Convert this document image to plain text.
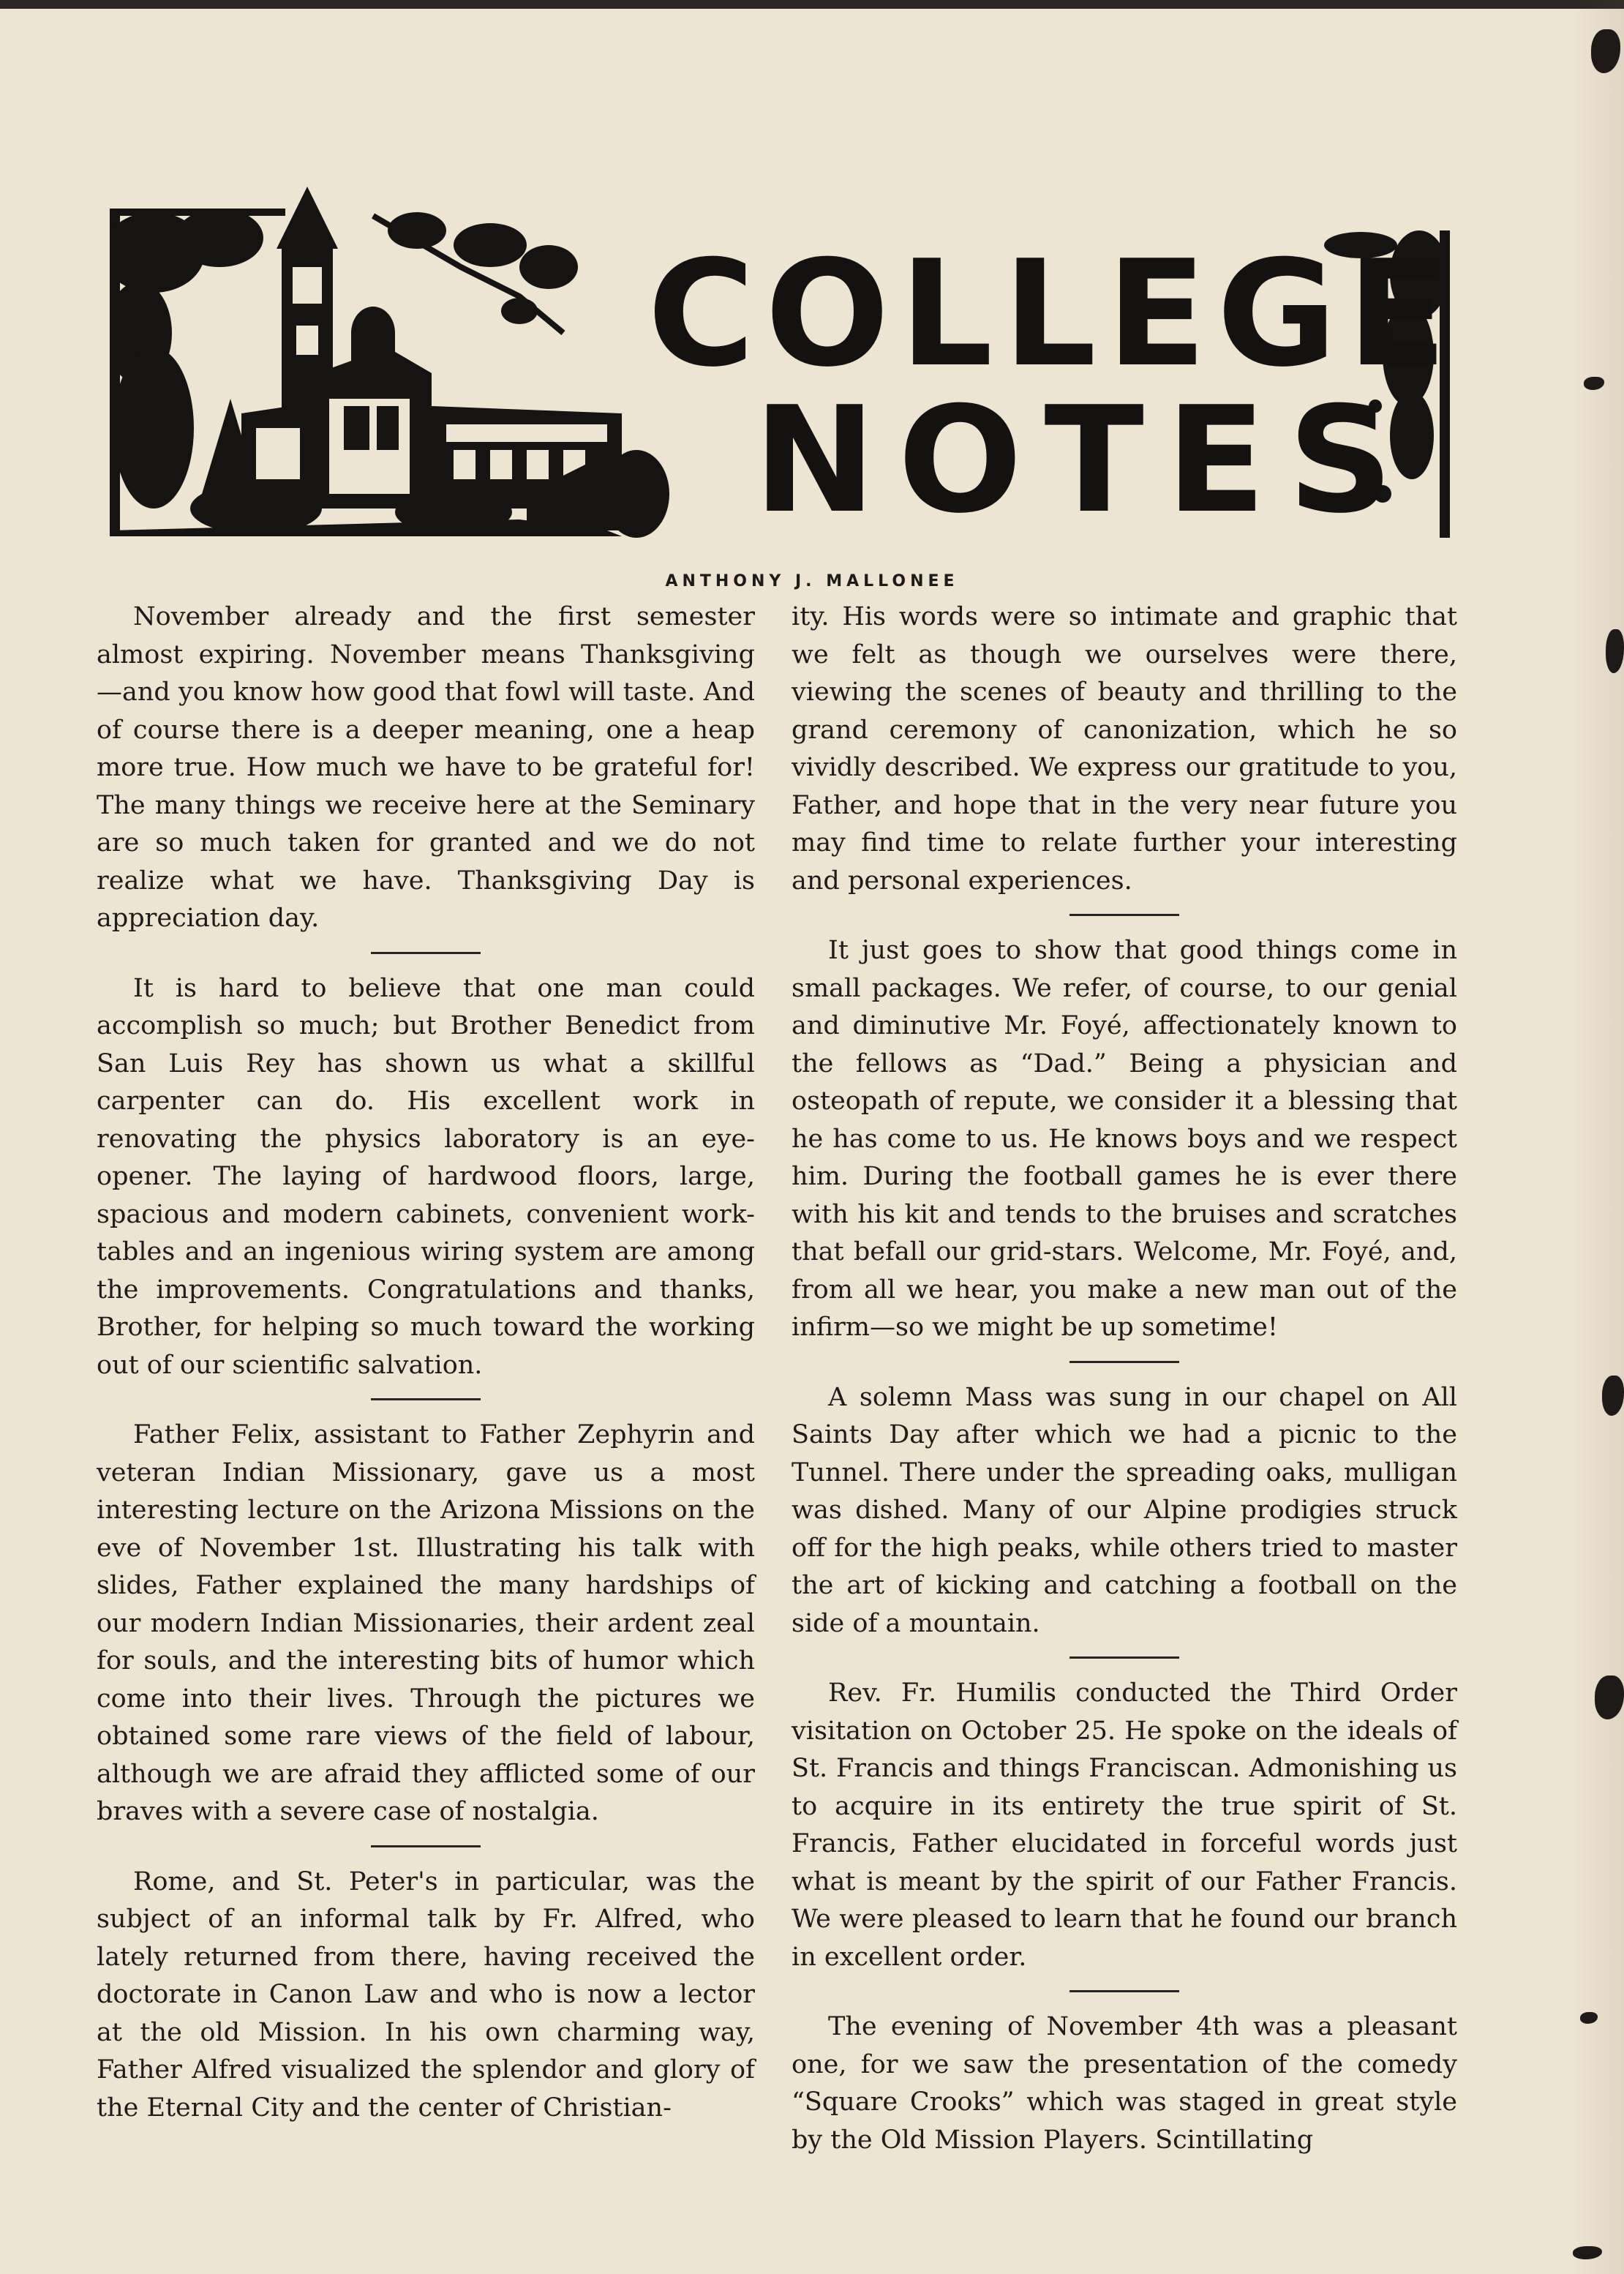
COLLEGE
NOTES
ANTHONY J. MALLONEE

November already and the first semester almost expiring. November means Thanksgiving —and you know how good that fowl will taste. And of course there is a deeper meaning, one a heap more true. How much we have to be grateful for! The many things we receive here at the Seminary are so much taken for granted and we do not realize what we have. Thanksgiving Day is appreciation day.

It is hard to believe that one man could accomplish so much; but Brother Benedict from San Luis Rey has shown us what a skillful carpenter can do. His excellent work in renovating the physics laboratory is an eye-opener. The laying of hardwood floors, large, spacious and modern cabinets, convenient work-tables and an ingenious wiring system are among the improvements. Congratulations and thanks, Brother, for helping so much toward the working out of our scientific salvation.

Father Felix, assistant to Father Zephyrin and veteran Indian Missionary, gave us a most interesting lecture on the Arizona Missions on the eve of November 1st. Illustrating his talk with slides, Father explained the many hardships of our modern Indian Missionaries, their ardent zeal for souls, and the interesting bits of humor which come into their lives. Through the pictures we obtained some rare views of the field of labour, although we are afraid they afflicted some of our braves with a severe case of nostalgia.

Rome, and St. Peter's in particular, was the subject of an informal talk by Fr. Alfred, who lately returned from there, having received the doctorate in Canon Law and who is now a lector at the old Mission. In his own charming way, Father Alfred visualized the splendor and glory of the Eternal City and the center of Christian-

ity. His words were so intimate and graphic that we felt as though we ourselves were there, viewing the scenes of beauty and thrilling to the grand ceremony of canonization, which he so vividly described. We express our gratitude to you, Father, and hope that in the very near future you may find time to relate further your interesting and personal experiences.

It just goes to show that good things come in small packages. We refer, of course, to our genial and diminutive Mr. Foyé, affectionately known to the fellows as “Dad.” Being a physician and osteopath of repute, we consider it a blessing that he has come to us. He knows boys and we respect him. During the football games he is ever there with his kit and tends to the bruises and scratches that befall our grid-stars. Welcome, Mr. Foyé, and, from all we hear, you make a new man out of the infirm—so we might be up sometime!

A solemn Mass was sung in our chapel on All Saints Day after which we had a picnic to the Tunnel. There under the spreading oaks, mulligan was dished. Many of our Alpine prodigies struck off for the high peaks, while others tried to master the art of kicking and catching a football on the side of a mountain.

Rev. Fr. Humilis conducted the Third Order visitation on October 25. He spoke on the ideals of St. Francis and things Franciscan. Admonishing us to acquire in its entirety the true spirit of St. Francis, Father elucidated in forceful words just what is meant by the spirit of our Father Francis. We were pleased to learn that he found our branch in excellent order.

The evening of November 4th was a pleasant one, for we saw the presentation of the comedy “Square Crooks” which was staged in great style by the Old Mission Players. Scintillating
